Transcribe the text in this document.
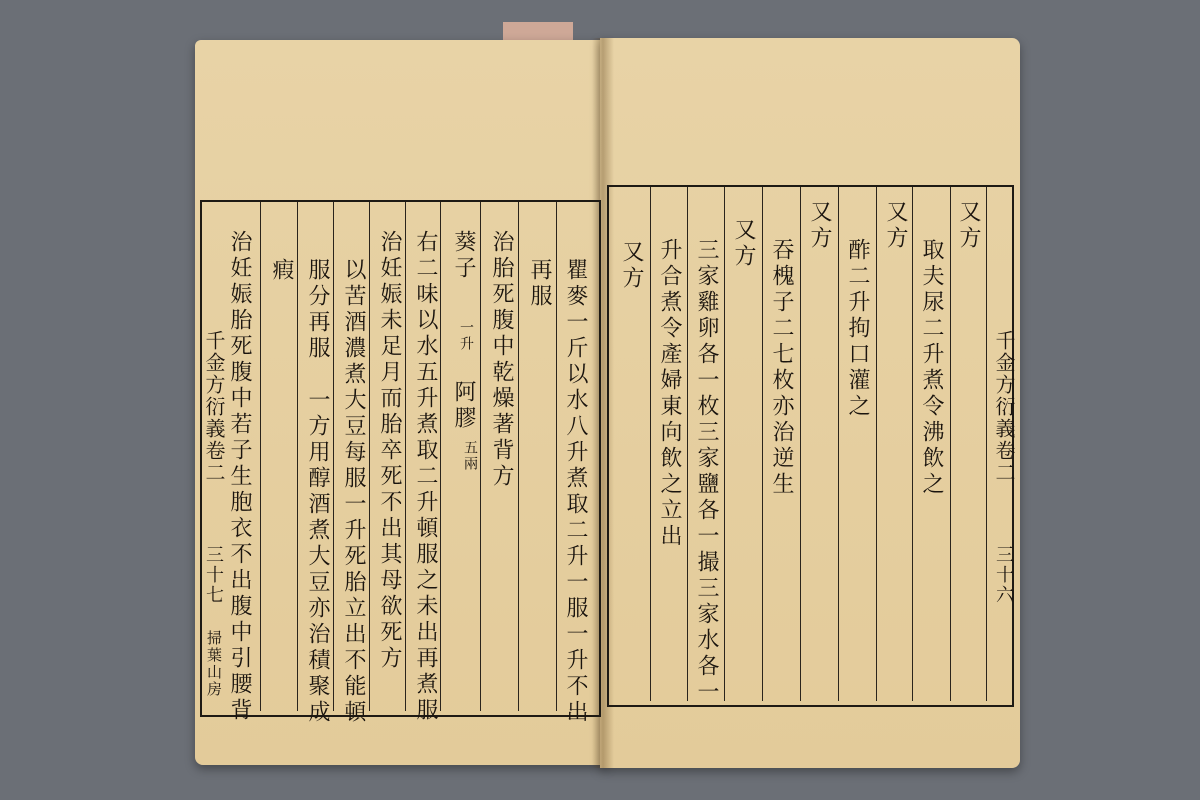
瞿麥一斤以水八升煮取二升一服一升不出
再服
治胎死腹中乾燥著背方
葵子
一升
阿膠
五兩
右二味以水五升煮取二升頓服之未出再煮服
治妊娠未足月而胎卒死不出其母欲死方
以苦酒濃煮大豆每服一升死胎立出不能頓
服分再服　一方用醇酒煮大豆亦治積聚成
瘕
治妊娠胎死腹中若子生胞衣不出腹中引腰背
千金方衍義卷二
三十七
掃葉山房
又方
取夫尿二升煮令沸飲之
又方
酢二升拘口灌之
又方
吞槐子二七枚亦治逆生
又方
三家雞卵各一枚三家鹽各一撮三家水各一
升合煮令產婦東向飲之立出
又方
千金方衍義卷二
三十六
